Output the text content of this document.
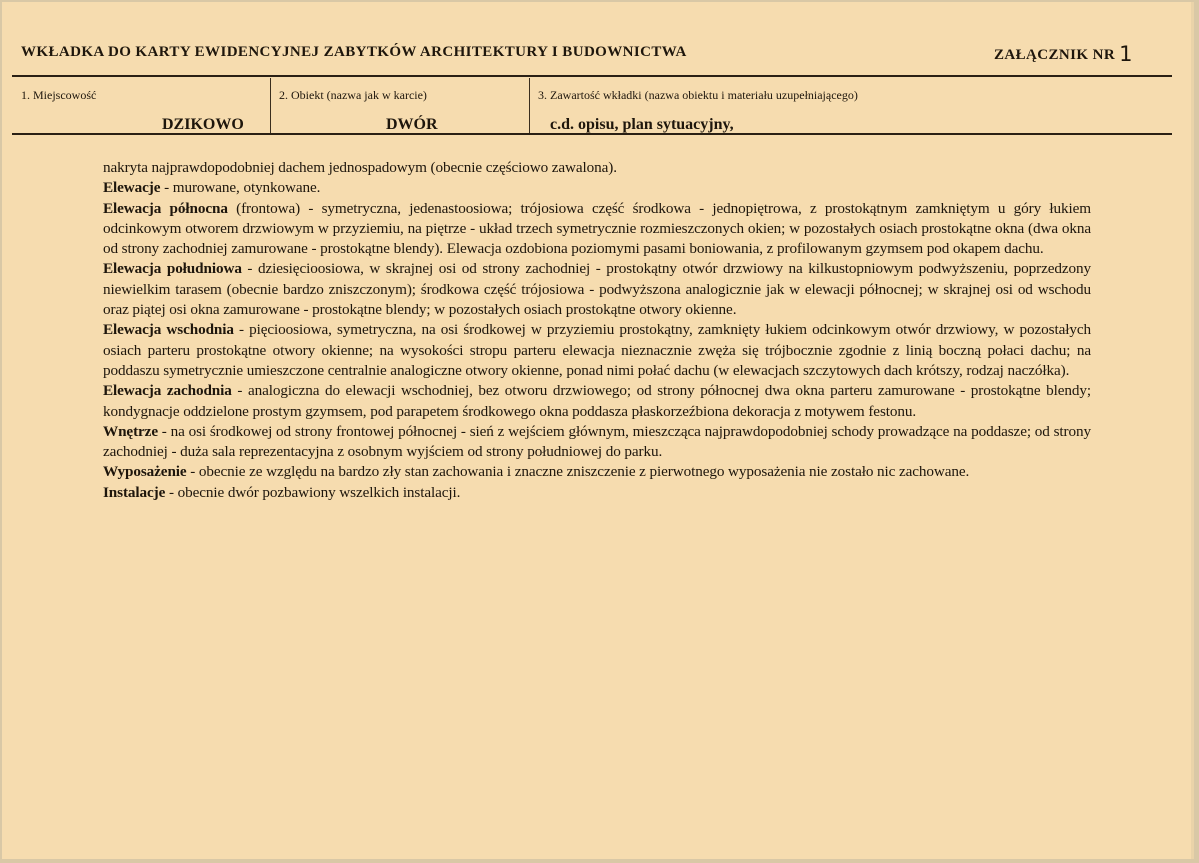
WKŁADKA DO KARTY EWIDENCYJNEJ ZABYTKÓW ARCHITEKTURY I BUDOWNICTWA	ZAŁĄCZNIK NR 1
1. Miejscowość
DZIKOWO
2. Obiekt (nazwa jak w karcie)
DWÓR
3. Zawartość wkładki (nazwa obiektu i materiału uzupełniającego)
c.d. opisu, plan sytuacyjny,

nakryta najprawdopodobniej dachem jednospadowym (obecnie częściowo zawalona).

Elewacje - murowane, otynkowane.

Elewacja północna (frontowa) - symetryczna, jedenastoosiowa; trójosiowa część środkowa - jednopiętrowa, z prostokątnym zamkniętym u góry łukiem odcinkowym otworem drzwiowym w przyziemiu, na piętrze - układ trzech symetrycznie rozmieszczonych okien; w pozostałych osiach prostokątne okna (dwa okna od strony zachodniej zamurowane - prostokątne blendy). Elewacja ozdobiona poziomymi pasami boniowania, z profilowanym gzymsem pod okapem dachu.

Elewacja południowa - dziesięcioosiowa, w skrajnej osi od strony zachodniej - prostokątny otwór drzwiowy na kilkustopniowym podwyższeniu, poprzedzony niewielkim tarasem (obecnie bardzo zniszczonym); środkowa część trójosiowa - podwyższona analogicznie jak w elewacji północnej; w skrajnej osi od wschodu oraz piątej osi okna zamurowane - prostokątne blendy; w pozostałych osiach prostokątne otwory okienne.

Elewacja wschodnia - pięcioosiowa, symetryczna, na osi środkowej w przyziemiu prostokątny, zamknięty łukiem odcinkowym otwór drzwiowy, w pozostałych osiach parteru prostokątne otwory okienne; na wysokości stropu parteru elewacja nieznacznie zwęża się trójbocznie zgodnie z linią boczną połaci dachu; na poddaszu symetrycznie umieszczone centralnie analogiczne otwory okienne, ponad nimi połać dachu (w elewacjach szczytowych dach krótszy, rodzaj naczółka).

Elewacja zachodnia - analogiczna do elewacji wschodniej, bez otworu drzwiowego; od strony północnej dwa okna parteru zamurowane - prostokątne blendy; kondygnacje oddzielone prostym gzymsem, pod parapetem środkowego okna poddasza płaskorzeźbiona dekoracja z motywem festonu.

Wnętrze - na osi środkowej od strony frontowej północnej - sień z wejściem głównym, mieszcząca najprawdopodobniej schody prowadzące na poddasze; od strony zachodniej - duża sala reprezentacyjna z osobnym wyjściem od strony południowej do parku.

Wyposażenie - obecnie ze względu na bardzo zły stan zachowania i znaczne zniszczenie z pierwotnego wyposażenia nie zostało nic zachowane.

Instalacje - obecnie dwór pozbawiony wszelkich instalacji.
